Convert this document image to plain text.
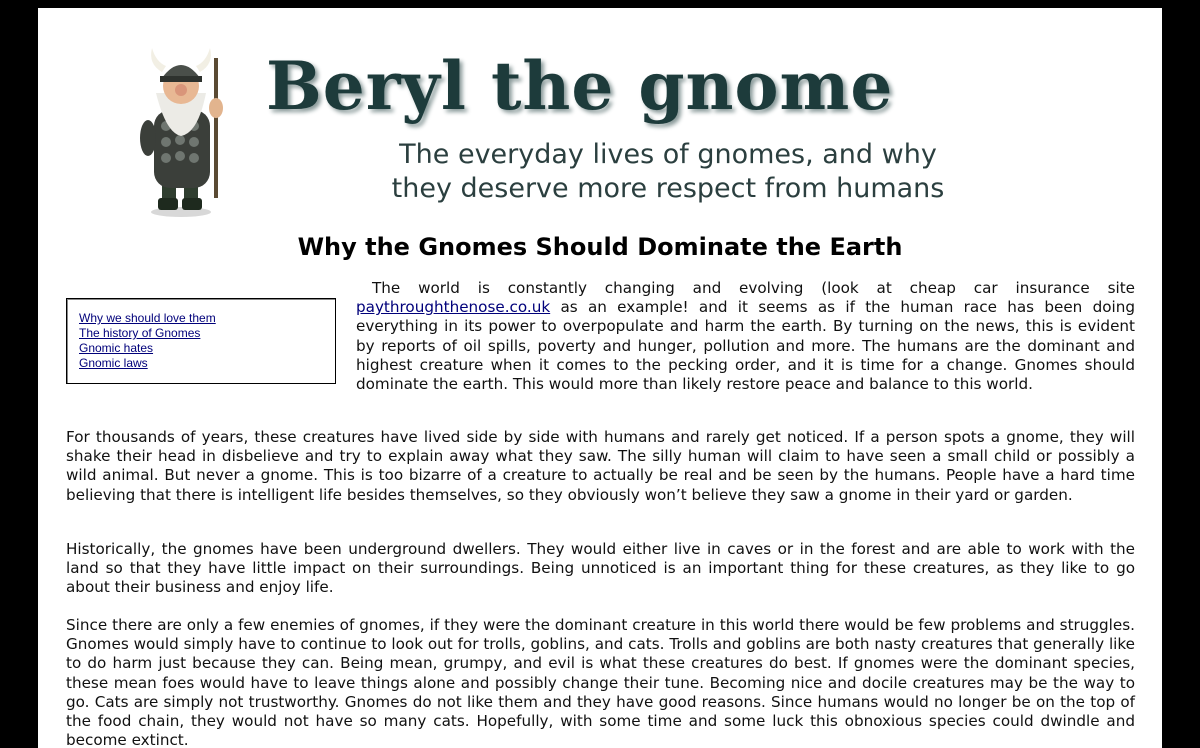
Beryl the gnome
The everyday lives of gnomes, and why
they deserve more respect from humans
Why the Gnomes Should Dominate the Earth
Why we should love them
The history of Gnomes
Gnomic hates
Gnomic laws

The world is constantly changing and evolving (look at cheap car insurance site paythroughthenose.co.uk as an example! and it seems as if the human race has been doing everything in its power to overpopulate and harm the earth. By turning on the news, this is evident by reports of oil spills, poverty and hunger, pollution and more. The humans are the dominant and highest creature when it comes to the pecking order, and it is time for a change. Gnomes should dominate the earth. This would more than likely restore peace and balance to this world.

For thousands of years, these creatures have lived side by side with humans and rarely get noticed. If a person spots a gnome, they will shake their head in disbelieve and try to explain away what they saw. The silly human will claim to have seen a small child or possibly a wild animal. But never a gnome. This is too bizarre of a creature to actually be real and be seen by the humans. People have a hard time believing that there is intelligent life besides themselves, so they obviously won’t believe they saw a gnome in their yard or garden.

Historically, the gnomes have been underground dwellers. They would either live in caves or in the forest and are able to work with the land so that they have little impact on their surroundings. Being unnoticed is an important thing for these creatures, as they like to go about their business and enjoy life.

Since there are only a few enemies of gnomes, if they were the dominant creature in this world there would be few problems and struggles. Gnomes would simply have to continue to look out for trolls, goblins, and cats. Trolls and goblins are both nasty creatures that generally like to do harm just because they can. Being mean, grumpy, and evil is what these creatures do best. If gnomes were the dominant species, these mean foes would have to leave things alone and possibly change their tune. Becoming nice and docile creatures may be the way to go. Cats are simply not trustworthy. Gnomes do not like them and they have good reasons. Since humans would no longer be on the top of the food chain, they would not have so many cats. Hopefully, with some time and some luck this obnoxious species could dwindle and become extinct.
